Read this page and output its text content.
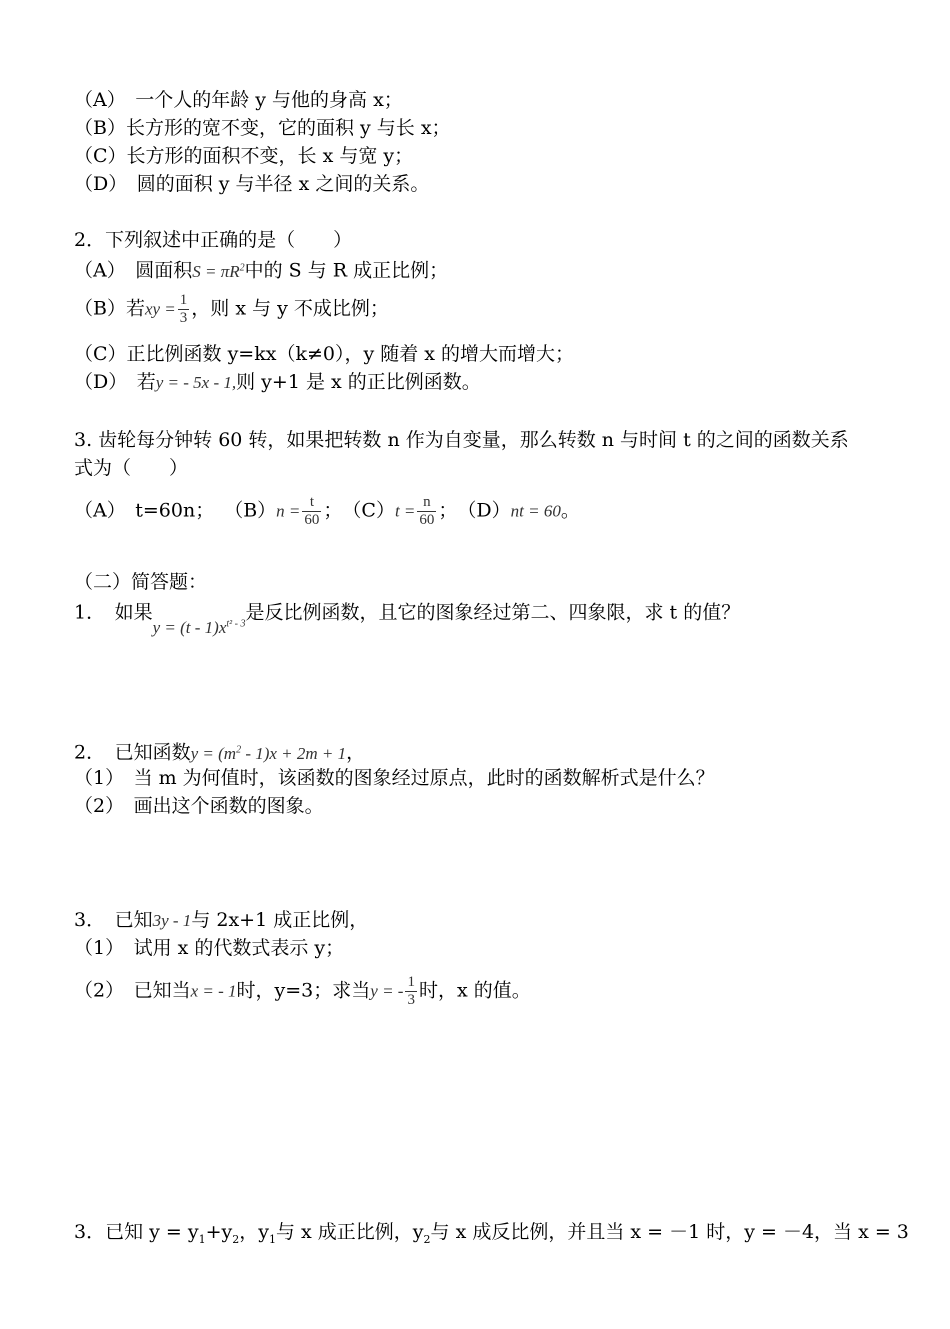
（A）　一个人的年龄 y 与他的身高 x；
（B）长方形的宽不变，它的面积 y 与长 x；
（C）长方形的面积不变，长 x 与宽 y；
（D）　圆的面积 y 与半径 x 之间的关系。
2．下列叙述中正确的是（　　）
（A）　圆面积$S = \pi R^2$中的 S 与 R 成正比例；
（B）若xy = $\frac{1}{3}$ ，则 x 与 y 不成比例；
（C）正比例函数 y=kx（k≠0），y 随着 x 的增大而增大；
（D）　若y = - 5x - 1,则 y+1 是 x 的正比例函数。
3. 齿轮每分钟转 60 转，如果把转数 n 作为自变量，那么转数 n 与时间 t 的之间的函数关系
式为（　　）
（A）　t=60n； $(B)n = \frac{t}{60}$ ；　$(C)t = \frac{n}{60}$ ；　（D）nt = 60。
（二）简答题：
1．　如果$y = (t - 1)x^{t^2 - 3}$是反比例函数，且它的图象经过第二、四象限，求 t 的值？
2．　已知函数$y = (m^2 - 1)x + 2m + 1$，
（1）　当 m 为何值时，该函数的图象经过原点，此时的函数解析式是什么？
（2）　画出这个函数的图象。
3．　已知3y - 1与 2x+1 成正比例，
（1）　试用 x 的代数式表示 y；
（2）　已知当x = - 1时，y=3；求当y = - $\frac{1}{3}$ 时，x 的值。
3．已知 $y = y_1+y_2$，$y_1$与 x 成正比例，$y_2$与 x 成反比例，并且当 x = －1 时，y = －4，当 x = 3
